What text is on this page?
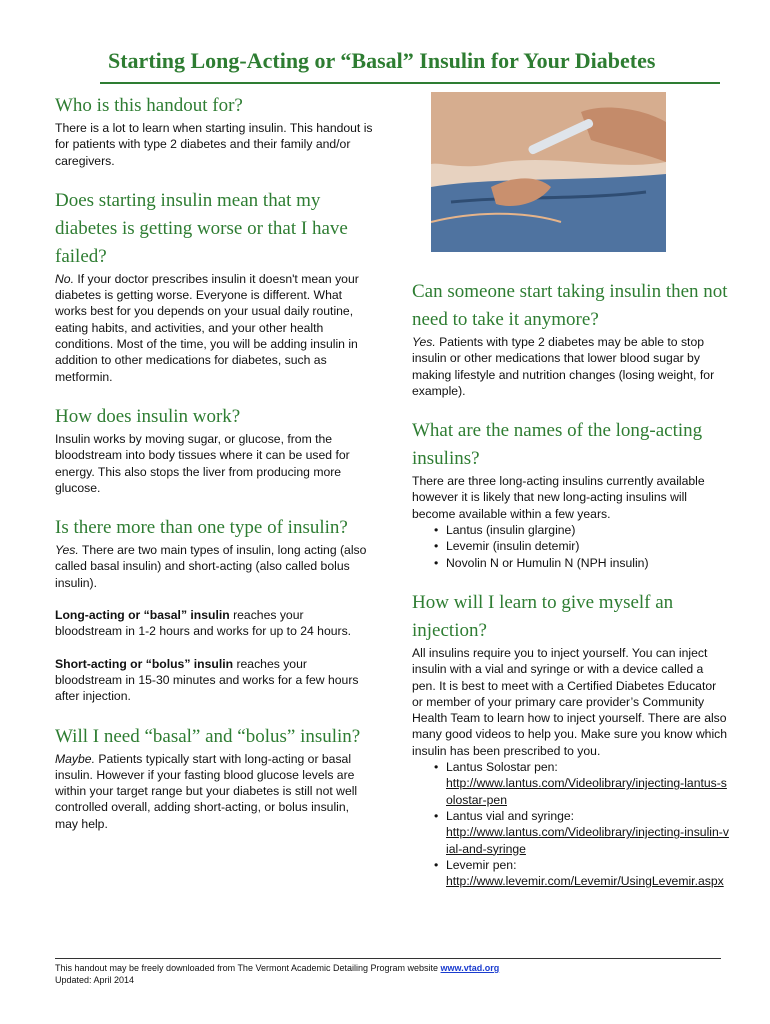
Starting Long-Acting or “Basal” Insulin for Your Diabetes
Who is this handout for?

There is a lot to learn when starting insulin. This handout is for patients with type 2 diabetes and their family and/or caregivers.

Does starting insulin mean that my diabetes is getting worse or that I have failed?

No. If your doctor prescribes insulin it doesn't mean your diabetes is getting worse. Everyone is different. What works best for you depends on your usual daily routine, eating habits, and activities, and your other health conditions. Most of the time, you will be adding insulin in addition to other medications for diabetes, such as metformin.

How does insulin work?

Insulin works by moving sugar, or glucose, from the bloodstream into body tissues where it can be used for energy. This also stops the liver from producing more glucose.

Is there more than one type of insulin?

Yes. There are two main types of insulin, long acting (also called basal insulin) and short-acting (also called bolus insulin).

Long-acting or “basal” insulin reaches your bloodstream in 1-2 hours and works for up to 24 hours.

Short-acting or “bolus” insulin reaches your bloodstream in 15-30 minutes and works for a few hours after injection.

Will I need “basal” and “bolus” insulin?

Maybe. Patients typically start with long-acting or basal insulin. However if your fasting blood glucose levels are within your target range but your diabetes is still not well controlled overall, adding short-acting, or bolus insulin, may help.

Can someone start taking insulin then not need to take it anymore?

Yes. Patients with type 2 diabetes may be able to stop insulin or other medications that lower blood sugar by making lifestyle and nutrition changes (losing weight, for example).

What are the names of the long-acting insulins?

There are three long-acting insulins currently available however it is likely that new long-acting insulins will become available within a few years.

• Lantus (insulin glargine)
• Levemir (insulin detemir)
• Novolin N or Humulin N (NPH insulin)
How will I learn to give myself an injection?

All insulins require you to inject yourself. You can inject insulin with a vial and syringe or with a device called a pen. It is best to meet with a Certified Diabetes Educator or member of your primary care provider’s Community Health Team to learn how to inject yourself. There are also many good videos to help you. Make sure you know which insulin has been prescribed to you.

• Lantus Solostar pen:
http://www.lantus.com/Videolibrary/injecting-lantus-solostar-pen
• Lantus vial and syringe:
http://www.lantus.com/Videolibrary/injecting-insulin-vial-and-syringe
• Levemir pen:
http://www.levemir.com/Levemir/UsingLevemir.aspx
This handout may be freely downloaded from The Vermont Academic Detailing Program website www.vtad.org
Updated: April 2014
